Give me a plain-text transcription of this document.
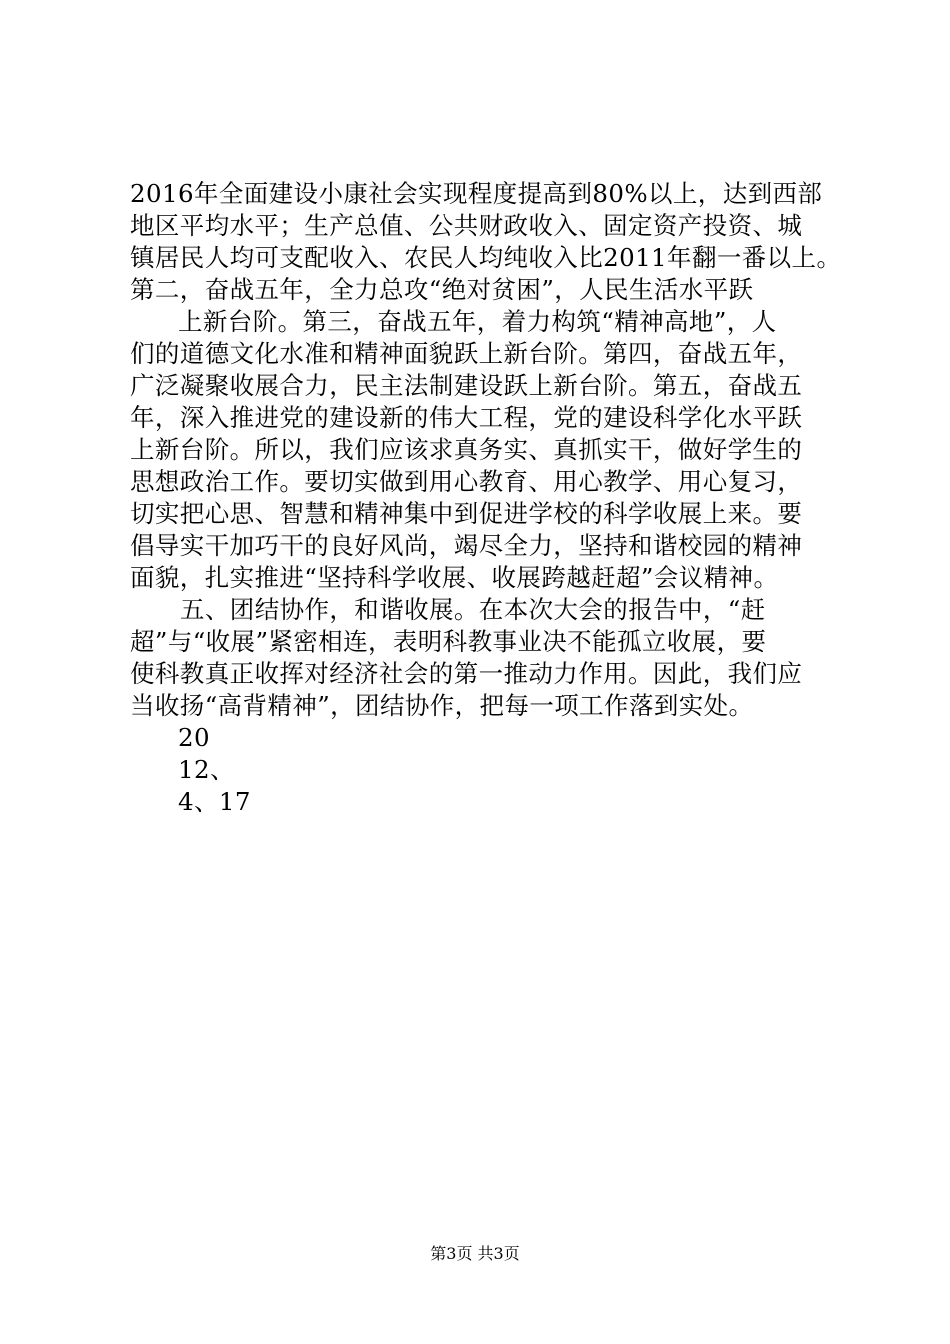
2016年全面建设小康社会实现程度提高到80%以上，达到西部
地区平均水平；生产总值、公共财政收入、固定资产投资、城
镇居民人均可支配收入、农民人均纯收入比2011年翻一番以上。
第二，奋战五年，全力总攻“绝对贫困”，人民生活水平跃
上新台阶。第三，奋战五年，着力构筑“精神高地”，人
们的道德文化水准和精神面貌跃上新台阶。第四，奋战五年，
广泛凝聚收展合力，民主法制建设跃上新台阶。第五，奋战五
年，深入推进党的建设新的伟大工程，党的建设科学化水平跃
上新台阶。所以，我们应该求真务实、真抓实干，做好学生的
思想政治工作。要切实做到用心教育、用心教学、用心复习，
切实把心思、智慧和精神集中到促进学校的科学收展上来。要
倡导实干加巧干的良好风尚，竭尽全力，坚持和谐校园的精神
面貌，扎实推进“坚持科学收展、收展跨越赶超”会议精神。
五、团结协作，和谐收展。在本次大会的报告中，“赶
超”与“收展”紧密相连，表明科教事业决不能孤立收展，要
使科教真正收挥对经济社会的第一推动力作用。因此，我们应
当收扬“高背精神”，团结协作，把每一项工作落到实处。
20
12、
4、17
第3页 共3页
